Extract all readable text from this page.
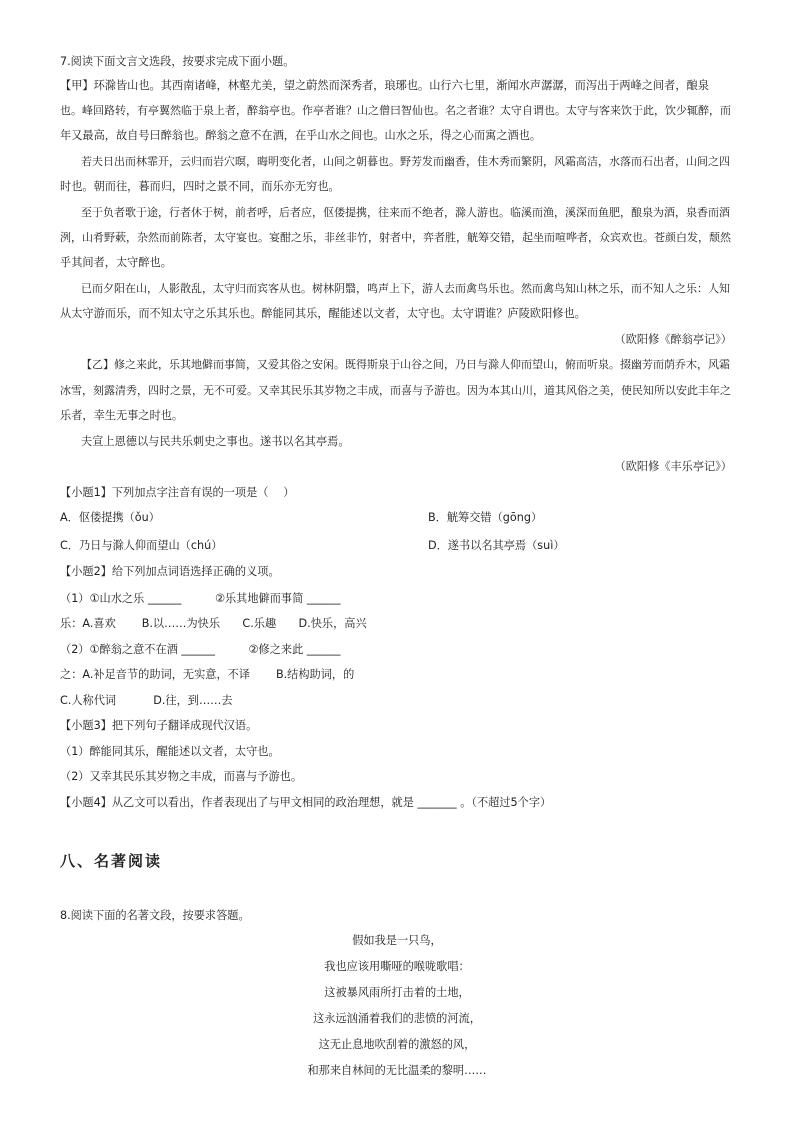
7.阅读下面文言文选段，按要求完成下面小题。
【甲】环滁皆山也。其西南诸峰，林壑尤美，望之蔚然而深秀者，琅琊也。山行六七里，渐闻水声潺潺，而泻出于两峰之间者，酿泉
也。峰回路转，有亭翼然临于泉上者，醉翁亭也。作亭者谁？山之僧曰智仙也。名之者谁？太守自谓也。太守与客来饮于此，饮少辄醉，而
年又最高，故自号曰醉翁也。醉翁之意不在酒，在乎山水之间也。山水之乐，得之心而寓之酒也。
若夫日出而林霏开，云归而岩穴暝，晦明变化者，山间之朝暮也。野芳发而幽香，佳木秀而繁阴，风霜高洁，水落而石出者，山间之四
时也。朝而往，暮而归，四时之景不同，而乐亦无穷也。
至于负者歌于途，行者休于树，前者呼，后者应，伛偻提携，往来而不绝者，滁人游也。临溪而渔，溪深而鱼肥，酿泉为酒，泉香而酒
洌，山肴野蔌，杂然而前陈者，太守宴也。宴酣之乐，非丝非竹，射者中，弈者胜，觥筹交错，起坐而喧哗者，众宾欢也。苍颜白发，颓然
乎其间者，太守醉也。
已而夕阳在山，人影散乱，太守归而宾客从也。树林阴翳，鸣声上下，游人去而禽鸟乐也。然而禽鸟知山林之乐，而不知人之乐：人知
从太守游而乐，而不知太守之乐其乐也。醉能同其乐，醒能述以文者，太守也。太守谓谁？庐陵欧阳修也。
（欧阳修《醉翁亭记》）
【乙】修之来此，乐其地僻而事简，又爱其俗之安闲。既得斯泉于山谷之间，乃日与滁人仰而望山，俯而听泉。掇幽芳而荫乔木，风霜
冰雪，刻露清秀，四时之景，无不可爱。又幸其民乐其岁物之丰成，而喜与予游也。因为本其山川，道其风俗之美，使民知所以安此丰年之
乐者，幸生无事之时也。
夫宣上恩德以与民共乐刺史之事也。遂书以名其亭焉。
（欧阳修《丰乐亭记》）
【小题1】下列加点字注音有误的一项是（　 ）
A．伛偻提携（ǒu）	B．觥筹交错（gōng）
C．乃日与滁人仰而望山（chú）	D．遂书以名其亭焉（suì）
【小题2】给下列加点词语选择正确的义项。
（1）①山水之乐 ______　　　②乐其地僻而事简 ______
乐：A.喜欢　　 B.以……为快乐　　C.乐趣　　D.快乐，高兴
（2）①醉翁之意不在酒 ______　　　②修之来此 ______
之：A.补足音节的助词，无实意，不译　　 B.结构助词，的
C.人称代词　　　 D.往，到……去
【小题3】把下列句子翻译成现代汉语。
（1）醉能同其乐，醒能述以文者，太守也。
（2）又幸其民乐其岁物之丰成，而喜与予游也。
【小题4】从乙文可以看出，作者表现出了与甲文相同的政治理想，就是 _______ 。（不超过5个字）
八、名著阅读
8.阅读下面的名著文段，按要求答题。
假如我是一只鸟，
我也应该用嘶哑的喉咙歌唱：
这被暴风雨所打击着的土地，
这永远汹涌着我们的悲愤的河流，
这无止息地吹刮着的激怒的风，
和那来自林间的无比温柔的黎明……
